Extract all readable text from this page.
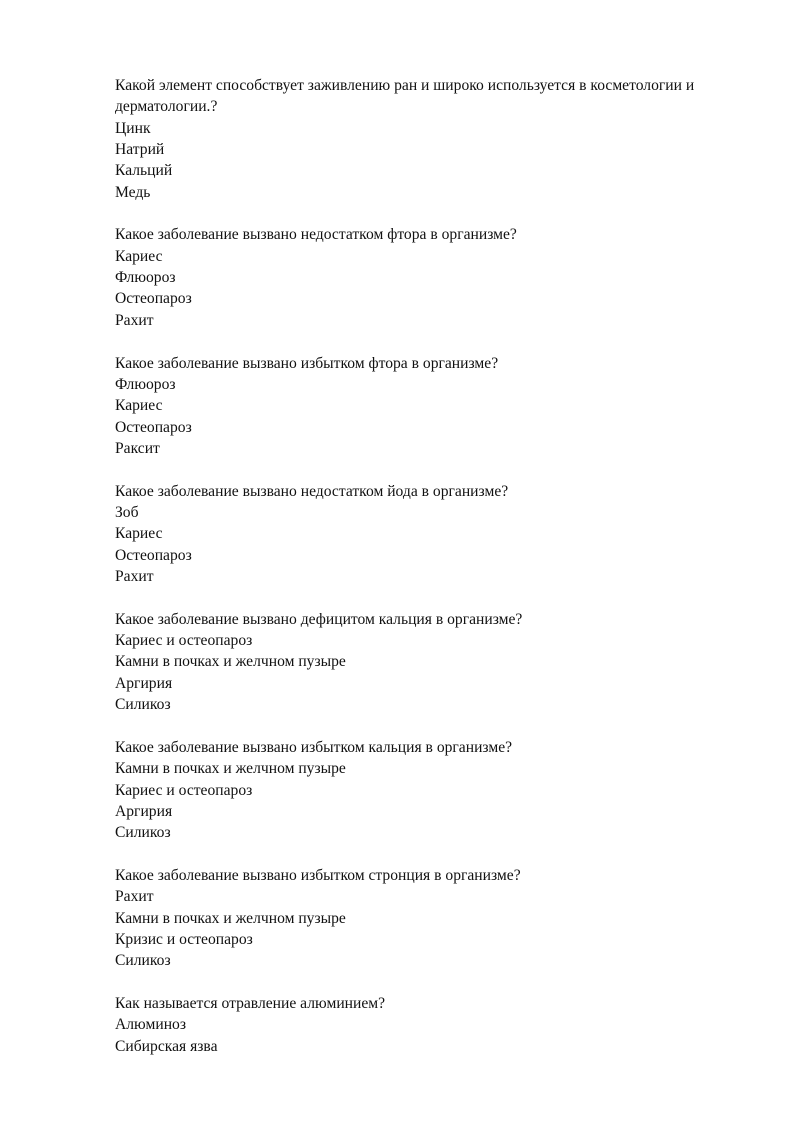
Какой элемент способствует заживлению ран и широко используется в косметологии и дерматологии.?
Цинк
Натрий
Кальций
Медь
Какое заболевание вызвано недостатком фтора в организме?
Кариес
Флюороз
Остеопароз
Рахит
Какое заболевание вызвано избытком фтора в организме?
Флюороз
Кариес
Остеопароз
Раксит
Какое заболевание вызвано недостатком йода в организме?
Зоб
Кариес
Остеопароз
Рахит
Какое заболевание вызвано дефицитом кальция в организме?
Кариес и остеопароз
Камни в почках и желчном пузыре
Аргирия
Силикоз
Какое заболевание вызвано избытком кальция в организме?
Камни в почках и желчном пузыре
Кариес и остеопароз
Аргирия
Силикоз
Какое заболевание вызвано избытком стронция в организме?
Рахит
Камни в почках и желчном пузыре
Кризис и остеопароз
Силикоз
Как называется отравление алюминием?
Алюминоз
Сибирская язва
